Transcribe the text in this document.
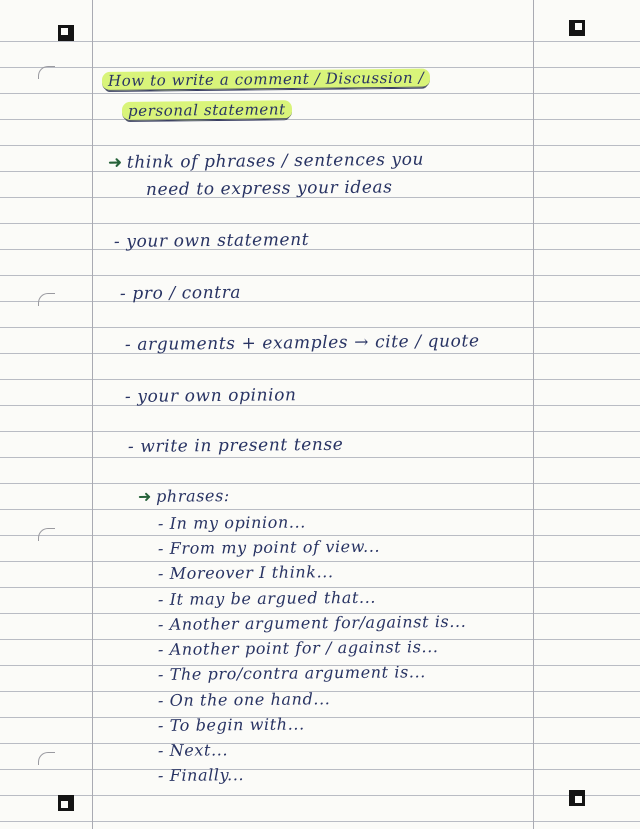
How to write a comment / Discussion /

personal statement

➜ think of phrases / sentences you

need to express your ideas

- your own statement

- pro / contra

- arguments + examples → cite / quote

- your own opinion

- write in present tense

➜ phrases:

- In my opinion...

- From my point of view...

- Moreover I think...

- It may be argued that...

- Another argument for/against is...

- Another point for / against is...

- The pro/contra argument is...

- On the one hand...

- To begin with...

- Next...

- Finally...
